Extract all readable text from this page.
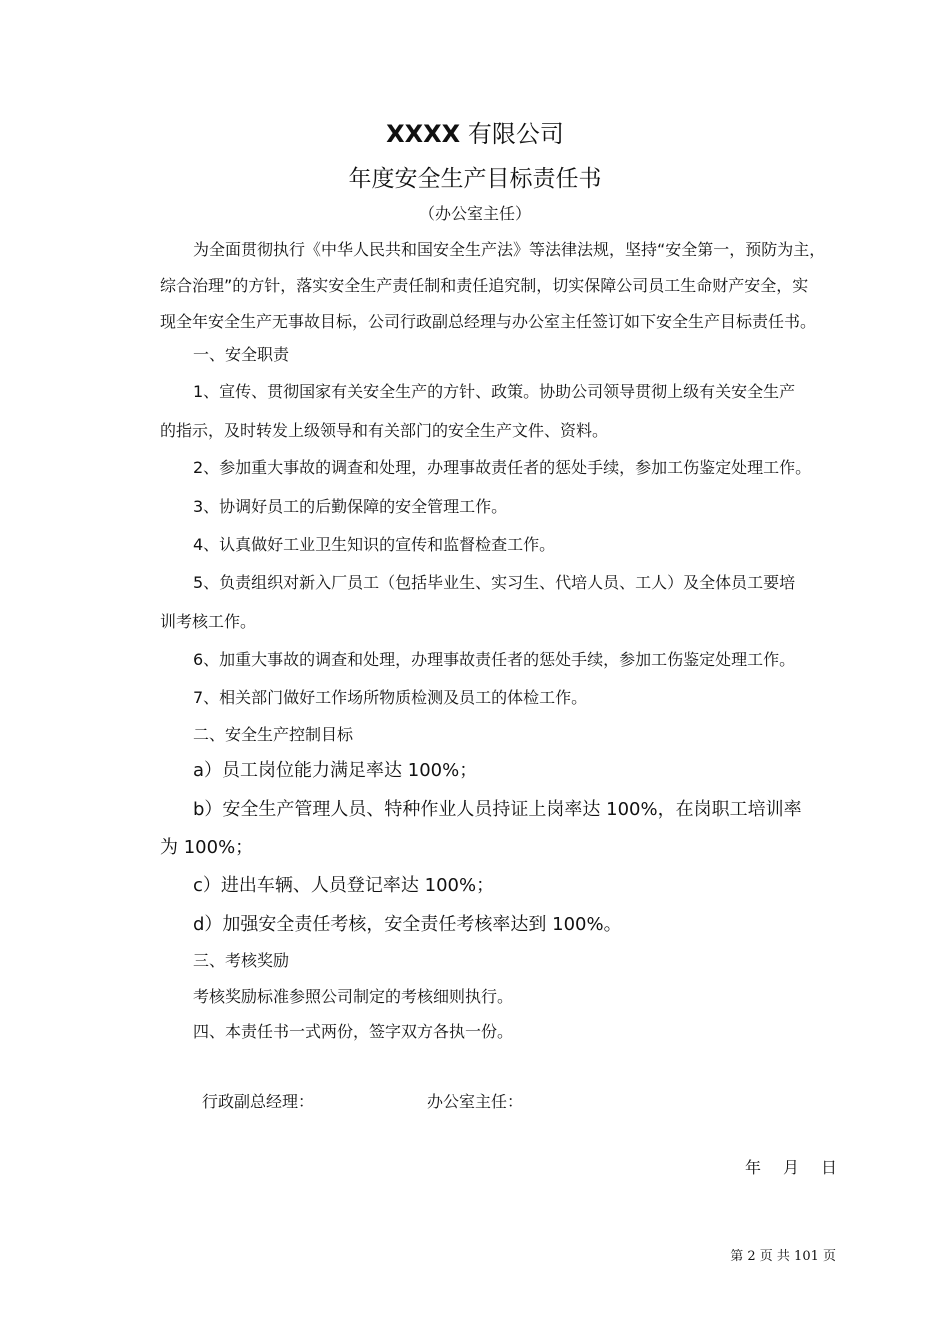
XXXX 有限公司
年度安全生产目标责任书
（办公室主任）
为全面贯彻执行《中华人民共和国安全生产法》等法律法规，坚持“安全第一，预防为主，
综合治理”的方针，落实安全生产责任制和责任追究制，切实保障公司员工生命财产安全，实
现全年安全生产无事故目标，公司行政副总经理与办公室主任签订如下安全生产目标责任书。
一、安全职责
1、宣传、贯彻国家有关安全生产的方针、政策。协助公司领导贯彻上级有关安全生产
的指示，及时转发上级领导和有关部门的安全生产文件、资料。
2、参加重大事故的调查和处理，办理事故责任者的惩处手续，参加工伤鉴定处理工作。
3、协调好员工的后勤保障的安全管理工作。
4、认真做好工业卫生知识的宣传和监督检查工作。
5、负责组织对新入厂员工（包括毕业生、实习生、代培人员、工人）及全体员工要培
训考核工作。
6、加重大事故的调查和处理，办理事故责任者的惩处手续，参加工伤鉴定处理工作。
7、相关部门做好工作场所物质检测及员工的体检工作。
二、安全生产控制目标
a）员工岗位能力满足率达 100%；
b）安全生产管理人员、特种作业人员持证上岗率达 100%，在岗职工培训率
为 100%；
c）进出车辆、人员登记率达 100%；
d）加强安全责任考核，安全责任考核率达到 100%。
三、考核奖励
考核奖励标准参照公司制定的考核细则执行。
四、本责任书一式两份，签字双方各执一份。
行政副总经理：	办公室主任：
年 月 日
第 2 页 共 101 页
